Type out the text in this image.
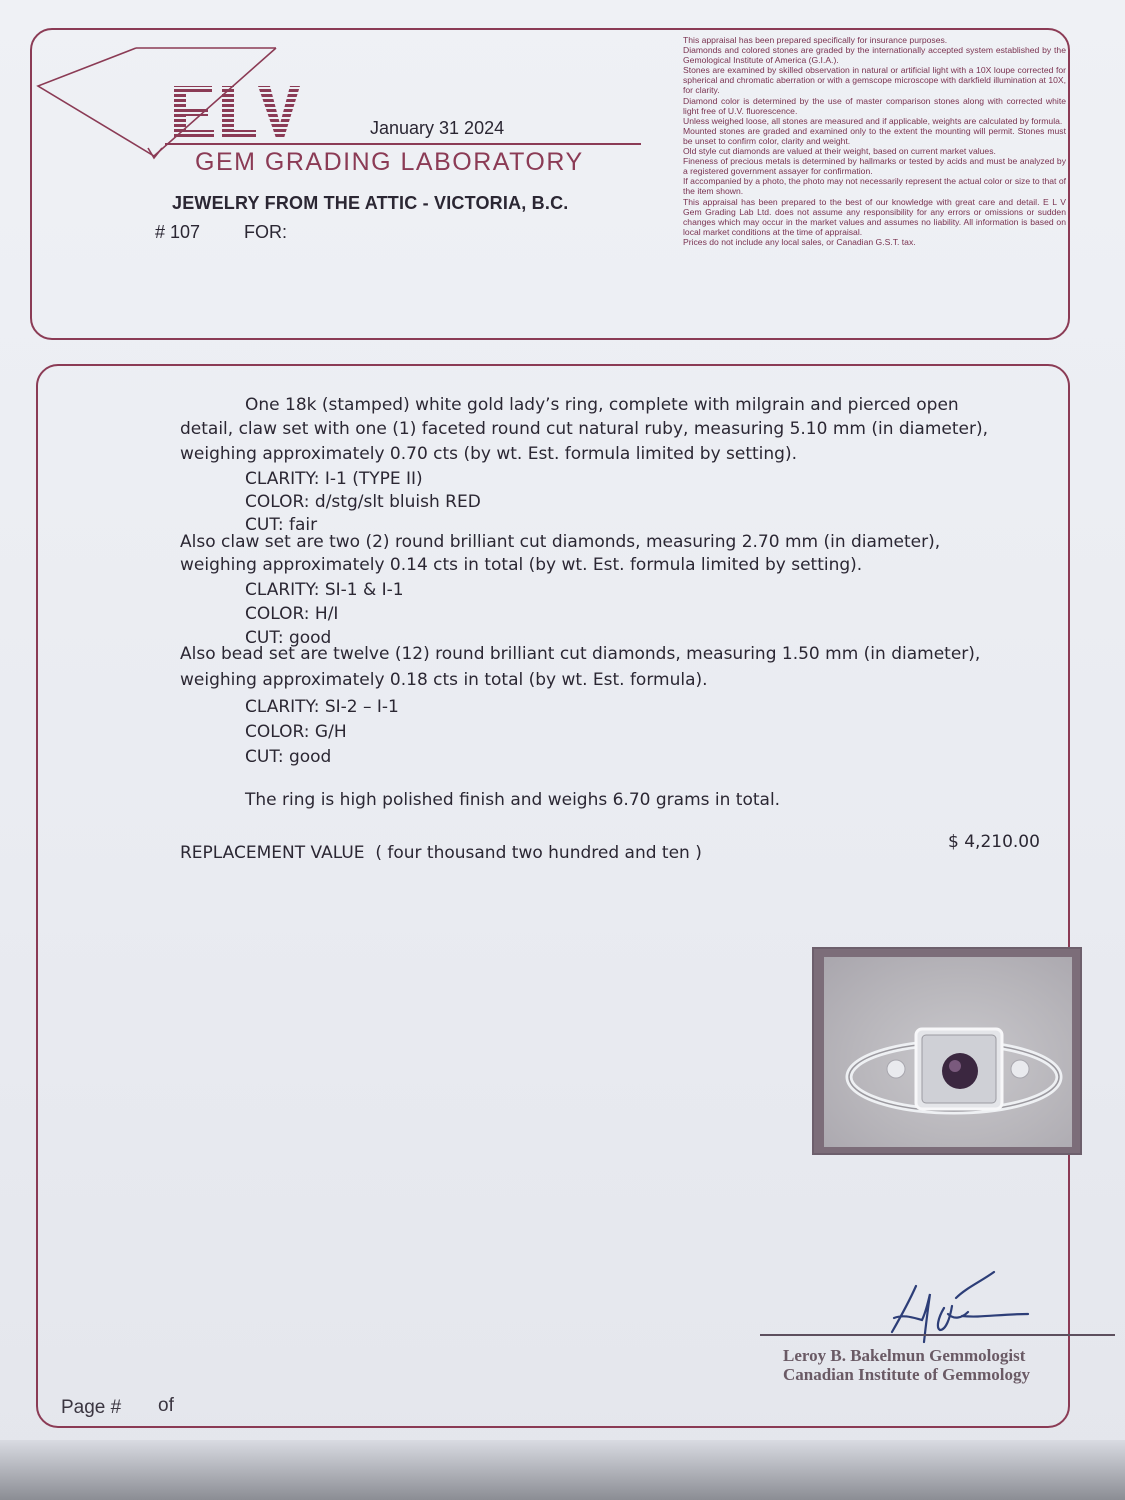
January 31 2024
GEM GRADING LABORATORY
JEWELRY FROM THE ATTIC - VICTORIA, B.C.
# 107 FOR:
This appraisal has been prepared specifically for insurance purposes.
Diamonds and colored stones are graded by the internationally accepted system established by the Gemological Institute of America (G.I.A.).
Stones are examined by skilled observation in natural or artificial light with a 10X loupe corrected for spherical and chromatic aberration or with a gemscope microscope with darkfield illumination at 10X, for clarity.
Diamond color is determined by the use of master comparison stones along with corrected white light free of U.V. fluorescence.
Unless weighed loose, all stones are measured and if applicable, weights are calculated by formula.
Mounted stones are graded and examined only to the extent the mounting will permit. Stones must be unset to confirm color, clarity and weight.
Old style cut diamonds are valued at their weight, based on current market values.
Fineness of precious metals is determined by hallmarks or tested by acids and must be analyzed by a registered government assayer for confirmation.
If accompanied by a photo, the photo may not necessarily represent the actual color or size to that of the item shown.
This appraisal has been prepared to the best of our knowledge with great care and detail. E L V Gem Grading Lab Ltd. does not assume any responsibility for any errors or omissions or sudden changes which may occur in the market values and assumes no liability. All information is based on local market conditions at the time of appraisal.
Prices do not include any local sales, or Canadian G.S.T. tax.
One 18k (stamped) white gold lady’s ring, complete with milgrain and pierced open
detail, claw set with one (1) faceted round cut natural ruby, measuring 5.10 mm (in diameter),
weighing approximately 0.70 cts (by wt. Est. formula limited by setting).
CLARITY: I-1 (TYPE II)
COLOR: d/stg/slt bluish RED
CUT: fair
Also claw set are two (2) round brilliant cut diamonds, measuring 2.70 mm (in diameter),
weighing approximately 0.14 cts in total (by wt. Est. formula limited by setting).
CLARITY: SI-1 & I-1
COLOR: H/I
CUT: good
Also bead set are twelve (12) round brilliant cut diamonds, measuring 1.50 mm (in diameter),
weighing approximately 0.18 cts in total (by wt. Est. formula).
CLARITY: SI-2 – I-1
COLOR: G/H
CUT: good
The ring is high polished finish and weighs 6.70 grams in total.
REPLACEMENT VALUE ( four thousand two hundred and ten )
$ 4,210.00
Leroy B. Bakelmun Gemmologist
Canadian Institute of Gemmology
Page # of
